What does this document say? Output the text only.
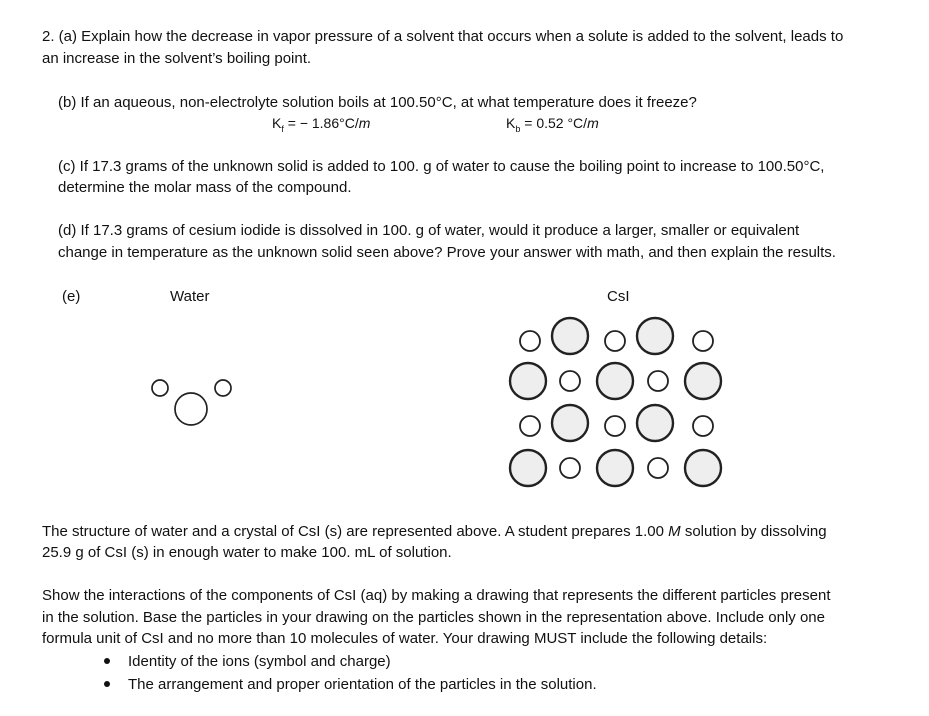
2. (a) Explain how the decrease in vapor pressure of a solvent that occurs when a solute is added to the solvent, leads to
an increase in the solvent’s boiling point.
(b) If an aqueous, non-electrolyte solution boils at 100.50°C, at what temperature does it freeze?
$K_f$ = − 1.86°C/m	$K_b = 0.52$ °C/m
(c) If 17.3 grams of the unknown solid is added to 100. g of water to cause the boiling point to increase to 100.50°C,
determine the molar mass of the compound.
(d) If 17.3 grams of cesium iodide is dissolved in 100. g of water, would it produce a larger, smaller or equivalent
change in temperature as the unknown solid seen above? Prove your answer with math, and then explain the results.
(e)	Water	CsI
The structure of water and a crystal of CsI (s) are represented above. A student prepares 1.00 M solution by dissolving
25.9 g of CsI (s) in enough water to make 100. mL of solution.
Show the interactions of the components of CsI (aq) by making a drawing that represents the different particles present
in the solution. Base the particles in your drawing on the particles shown in the representation above. Include only one
formula unit of CsI and no more than 10 molecules of water. Your drawing MUST include the following details:
Identity of the ions (symbol and charge)
The arrangement and proper orientation of the particles in the solution.
